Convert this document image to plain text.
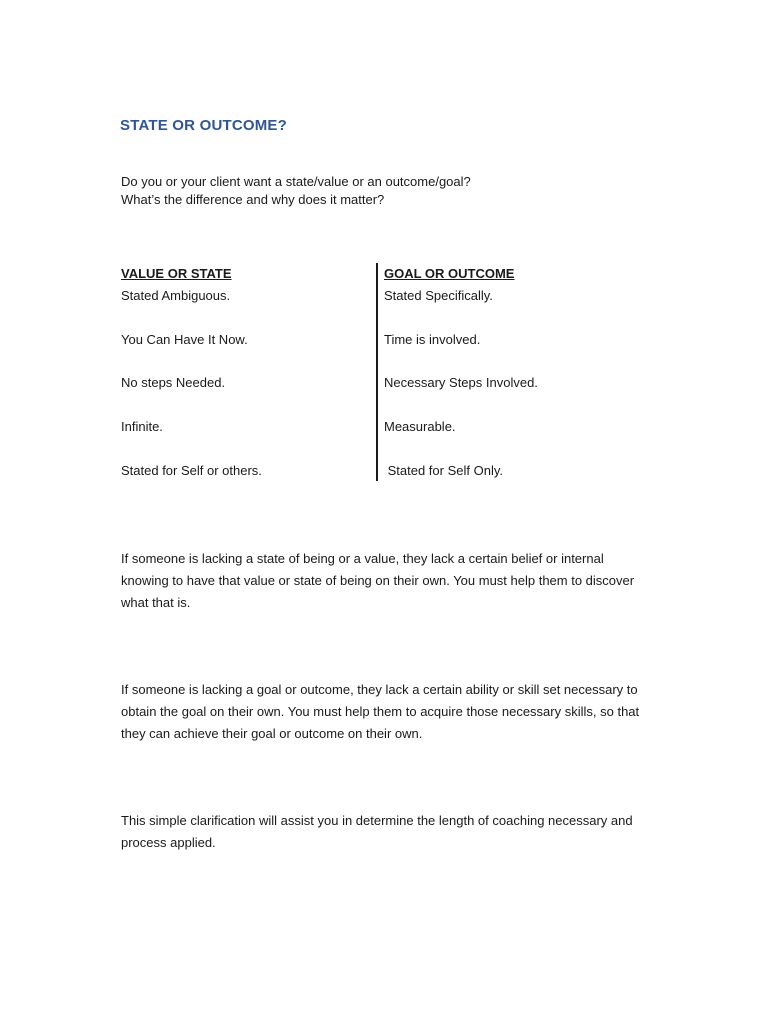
STATE OR OUTCOME?
Do you or your client want a state/value or an outcome/goal?
What’s the difference and why does it matter?
VALUE OR STATE
Stated Ambiguous.
You Can Have It Now.
No steps Needed.
Infinite.
Stated for Self or others.
GOAL OR OUTCOME
Stated Specifically.
Time is involved.
Necessary Steps Involved.
Measurable.
Stated for Self Only.
If someone is lacking a state of being or a value, they lack a certain belief or internal
knowing to have that value or state of being on their own. You must help them to discover
what that is.
If someone is lacking a goal or outcome, they lack a certain ability or skill set necessary to
obtain the goal on their own. You must help them to acquire those necessary skills, so that
they can achieve their goal or outcome on their own.
This simple clarification will assist you in determine the length of coaching necessary and
process applied.
